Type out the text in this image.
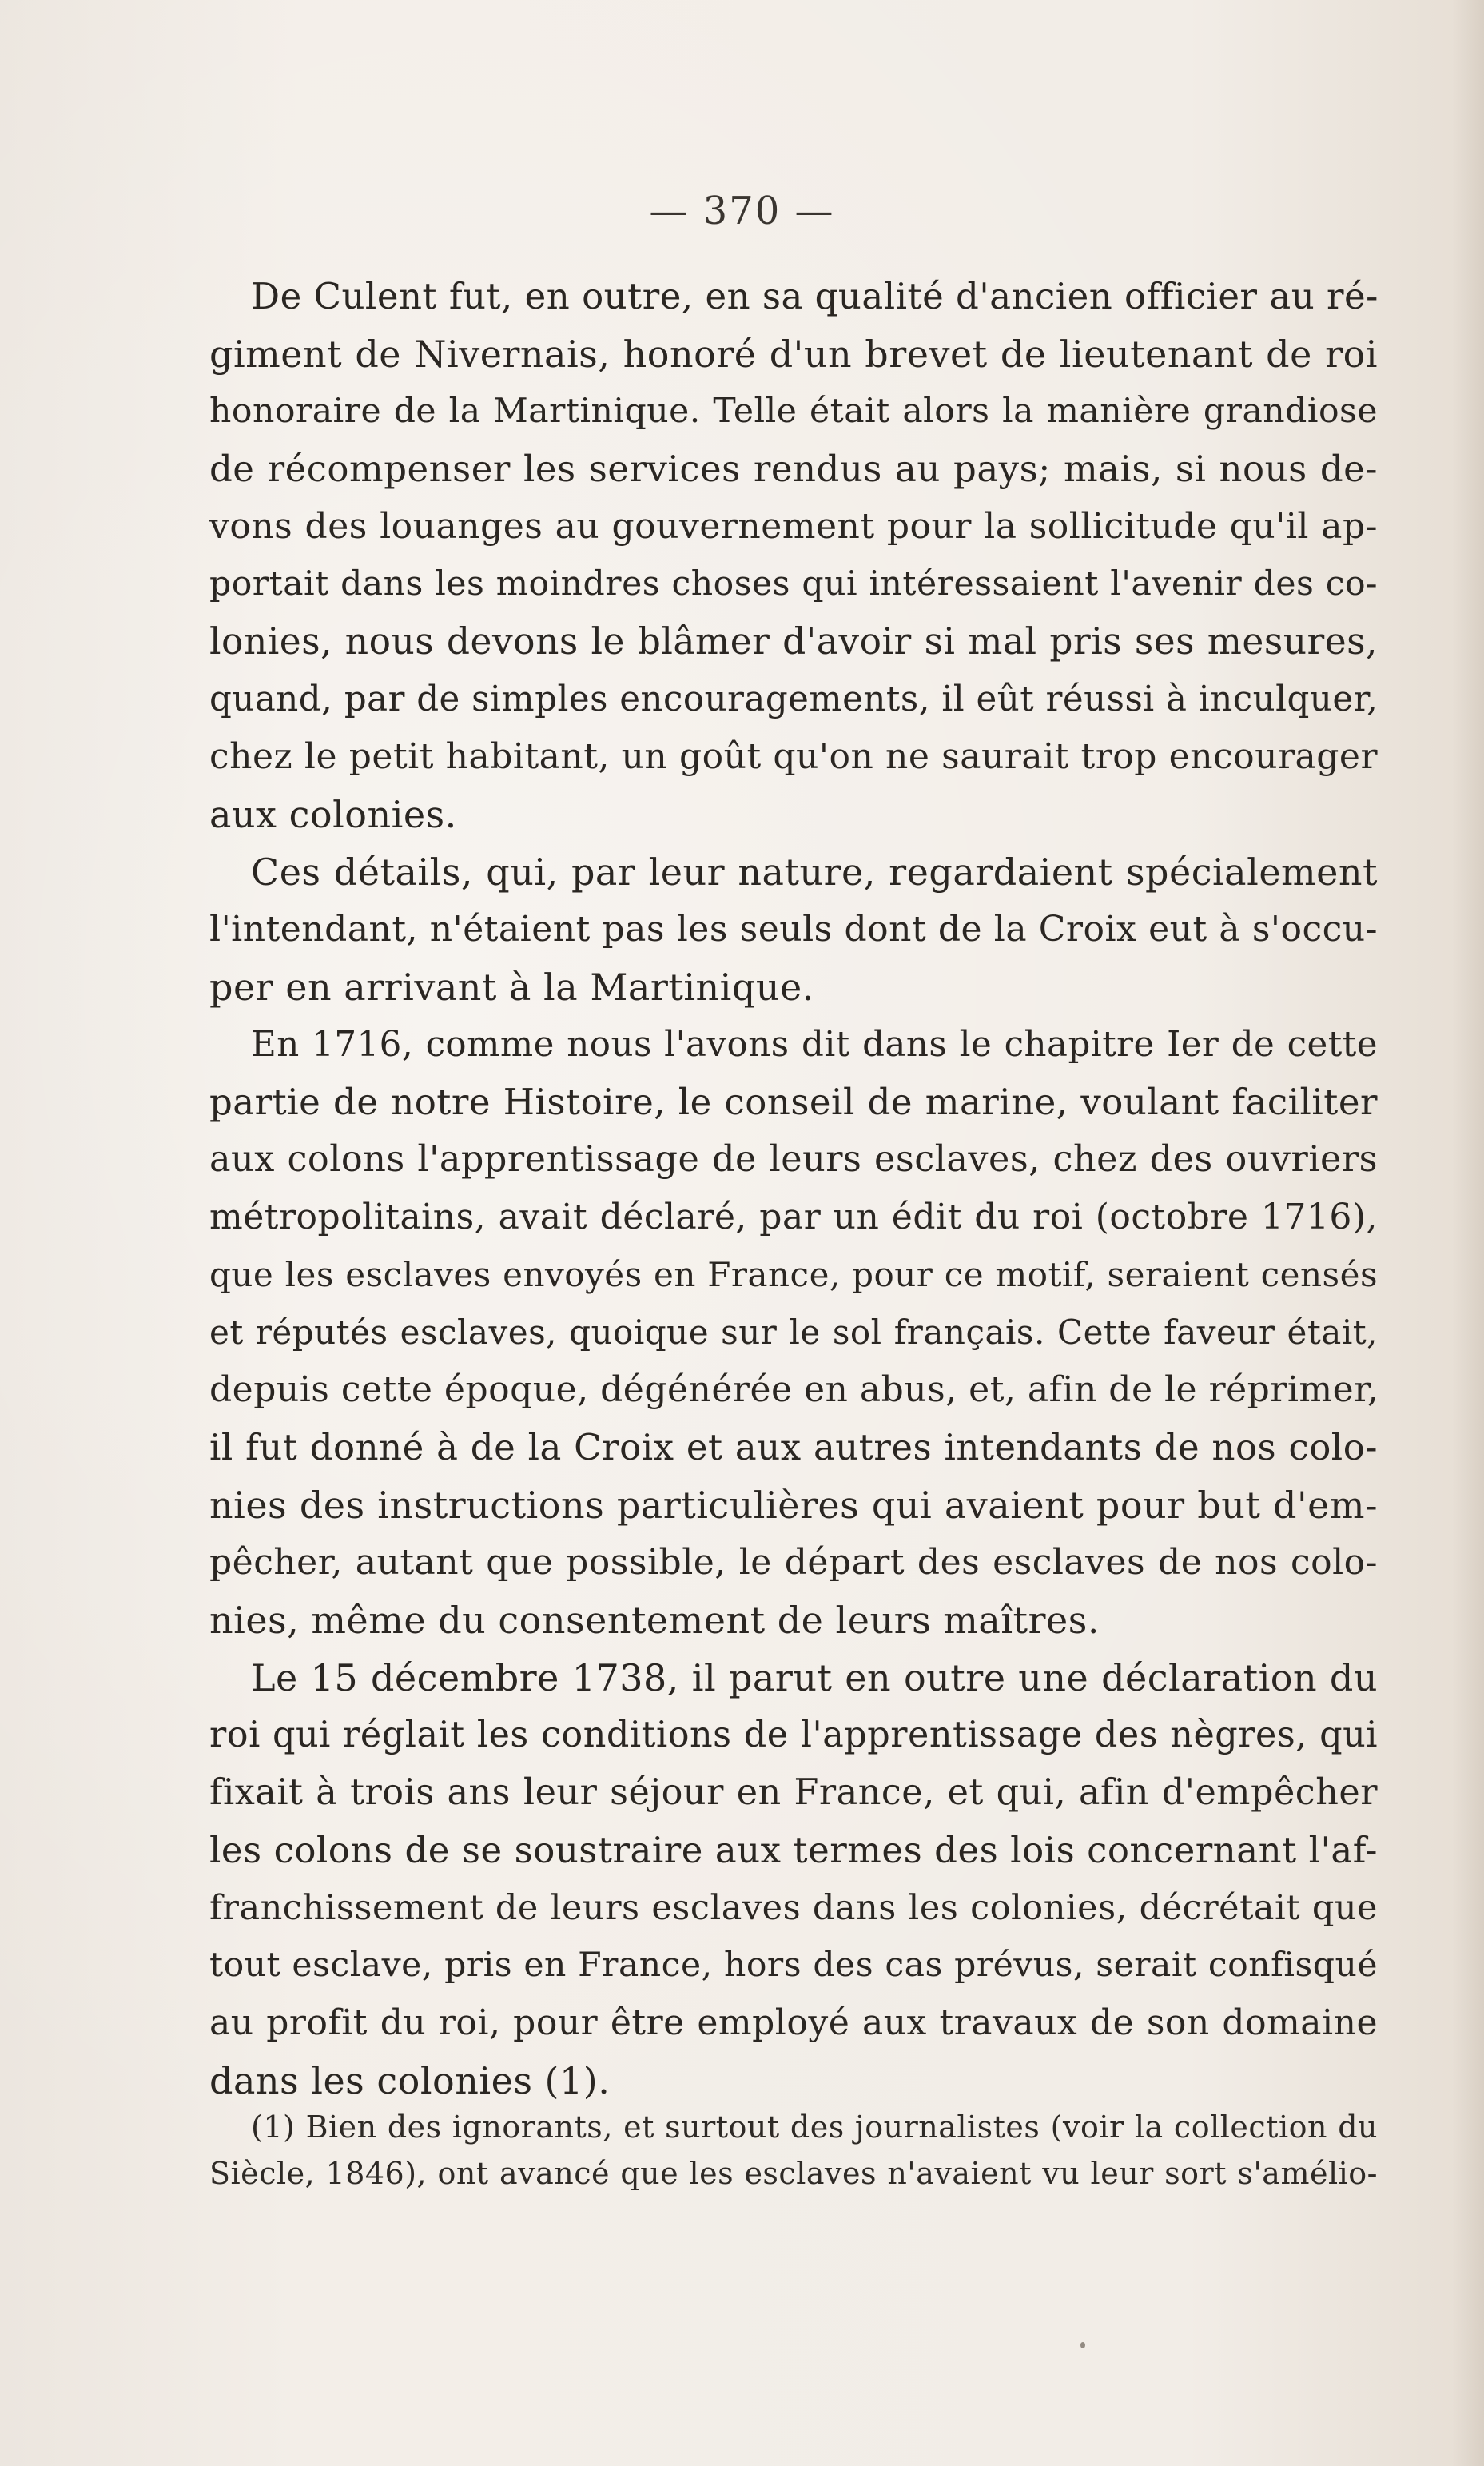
— 370 —
De Culent fut, en outre, en sa qualité d'ancien officier au ré-
giment de Nivernais, honoré d'un brevet de lieutenant de roi
honoraire de la Martinique. Telle était alors la manière grandiose
de récompenser les services rendus au pays; mais, si nous de-
vons des louanges au gouvernement pour la sollicitude qu'il ap-
portait dans les moindres choses qui intéressaient l'avenir des co-
lonies, nous devons le blâmer d'avoir si mal pris ses mesures,
quand, par de simples encouragements, il eût réussi à inculquer,
chez le petit habitant, un goût qu'on ne saurait trop encourager
aux colonies.
Ces détails, qui, par leur nature, regardaient spécialement
l'intendant, n'étaient pas les seuls dont de la Croix eut à s'occu-
per en arrivant à la Martinique.
En 1716, comme nous l'avons dit dans le chapitre Ier de cette
partie de notre Histoire, le conseil de marine, voulant faciliter
aux colons l'apprentissage de leurs esclaves, chez des ouvriers
métropolitains, avait déclaré, par un édit du roi (octobre 1716),
que les esclaves envoyés en France, pour ce motif, seraient censés
et réputés esclaves, quoique sur le sol français. Cette faveur était,
depuis cette époque, dégénérée en abus, et, afin de le réprimer,
il fut donné à de la Croix et aux autres intendants de nos colo-
nies des instructions particulières qui avaient pour but d'em-
pêcher, autant que possible, le départ des esclaves de nos colo-
nies, même du consentement de leurs maîtres.
Le 15 décembre 1738, il parut en outre une déclaration du
roi qui réglait les conditions de l'apprentissage des nègres, qui
fixait à trois ans leur séjour en France, et qui, afin d'empêcher
les colons de se soustraire aux termes des lois concernant l'af-
franchissement de leurs esclaves dans les colonies, décrétait que
tout esclave, pris en France, hors des cas prévus, serait confisqué
au profit du roi, pour être employé aux travaux de son domaine
dans les colonies (1).
(1) Bien des ignorants, et surtout des journalistes (voir la collection du
Siècle, 1846), ont avancé que les esclaves n'avaient vu leur sort s'amélio-
